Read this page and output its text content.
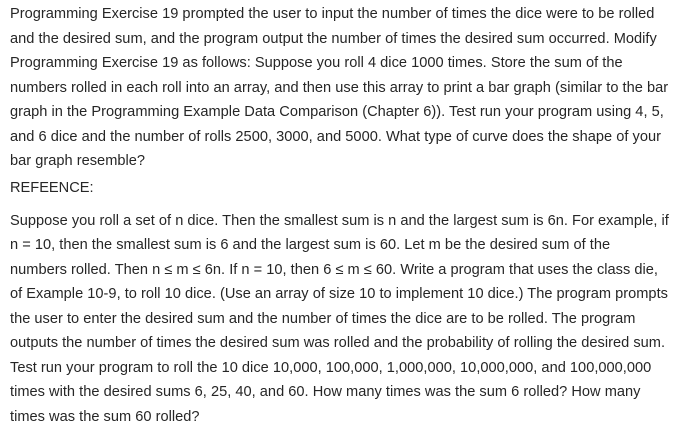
Programming Exercise 19 prompted the user to input the number of times the dice were to be rolled and the desired sum, and the program output the number of times the desired sum occurred. Modify Programming Exercise 19 as follows: Suppose you roll 4 dice 1000 times. Store the sum of the numbers rolled in each roll into an array, and then use this array to print a bar graph (similar to the bar graph in the Programming Example Data Comparison (Chapter 6)). Test run your program using 4, 5, and 6 dice and the number of rolls 2500, 3000, and 5000. What type of curve does the shape of your bar graph resemble?

REFEENCE:

Suppose you roll a set of n dice. Then the smallest sum is n and the largest sum is 6n. For example, if n = 10, then the smallest sum is 6 and the largest sum is 60. Let m be the desired sum of the numbers rolled. Then n ≤ m ≤ 6n. If n = 10, then 6 ≤ m ≤ 60. Write a program that uses the class die, of Example 10-9, to roll 10 dice. (Use an array of size 10 to implement 10 dice.) The program prompts the user to enter the desired sum and the number of times the dice are to be rolled. The program outputs the number of times the desired sum was rolled and the probability of rolling the desired sum. Test run your program to roll the 10 dice 10,000, 100,000, 1,000,000, 10,000,000, and 100,000,000 times with the desired sums 6, 25, 40, and 60. How many times was the sum 6 rolled? How many times was the sum 60 rolled?
